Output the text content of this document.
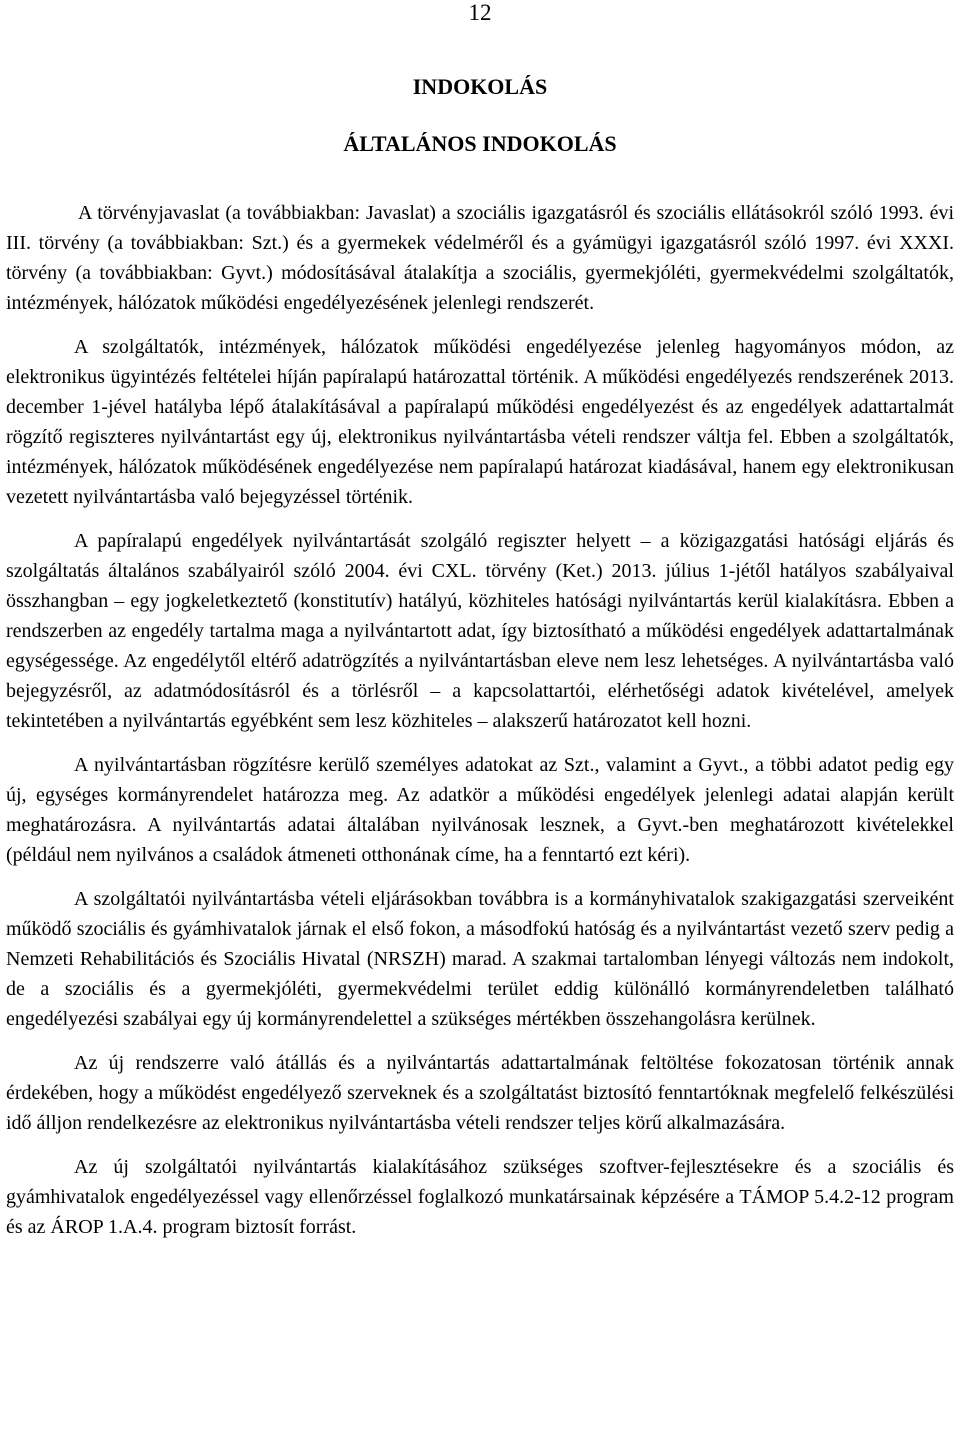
12
INDOKOLÁS
ÁLTALÁNOS INDOKOLÁS

A törvényjavaslat (a továbbiakban: Javaslat) a szociális igazgatásról és szociális ellátásokról szóló 1993. évi III. törvény (a továbbiakban: Szt.) és a gyermekek védelméről és a gyámügyi igazgatásról szóló 1997. évi XXXI. törvény (a továbbiakban: Gyvt.) módosításával átalakítja a szociális, gyermekjóléti, gyermekvédelmi szolgáltatók, intézmények, hálózatok működési engedélyezésének jelenlegi rendszerét.

A szolgáltatók, intézmények, hálózatok működési engedélyezése jelenleg hagyományos módon, az elektronikus ügyintézés feltételei híján papíralapú határozattal történik. A működési engedélyezés rendszerének 2013. december 1-jével hatályba lépő átalakításával a papíralapú működési engedélyezést és az engedélyek adattartalmát rögzítő regiszteres nyilvántartást egy új, elektronikus nyilvántartásba vételi rendszer váltja fel. Ebben a szolgáltatók, intézmények, hálózatok működésének engedélyezése nem papíralapú határozat kiadásával, hanem egy elektronikusan vezetett nyilvántartásba való bejegyzéssel történik.

A papíralapú engedélyek nyilvántartását szolgáló regiszter helyett – a közigazgatási hatósági eljárás és szolgáltatás általános szabályairól szóló 2004. évi CXL. törvény (Ket.) 2013. július 1-jétől hatályos szabályaival összhangban – egy jogkeletkeztető (konstitutív) hatályú, közhiteles hatósági nyilvántartás kerül kialakításra. Ebben a rendszerben az engedély tartalma maga a nyilvántartott adat, így biztosítható a működési engedélyek adattartalmának egységessége. Az engedélytől eltérő adatrögzítés a nyilvántartásban eleve nem lesz lehetséges. A nyilvántartásba való bejegyzésről, az adatmódosításról és a törlésről – a kapcsolattartói, elérhetőségi adatok kivételével, amelyek tekintetében a nyilvántartás egyébként sem lesz közhiteles – alakszerű határozatot kell hozni.

A nyilvántartásban rögzítésre kerülő személyes adatokat az Szt., valamint a Gyvt., a többi adatot pedig egy új, egységes kormányrendelet határozza meg. Az adatkör a működési engedélyek jelenlegi adatai alapján került meghatározásra. A nyilvántartás adatai általában nyilvánosak lesznek, a Gyvt.-ben meghatározott kivételekkel (például nem nyilvános a családok átmeneti otthonának címe, ha a fenntartó ezt kéri).

A szolgáltatói nyilvántartásba vételi eljárásokban továbbra is a kormányhivatalok szakigazgatási szerveiként működő szociális és gyámhivatalok járnak el első fokon, a másodfokú hatóság és a nyilvántartást vezető szerv pedig a Nemzeti Rehabilitációs és Szociális Hivatal (NRSZH) marad. A szakmai tartalomban lényegi változás nem indokolt, de a szociális és a gyermekjóléti, gyermekvédelmi terület eddig különálló kormányrendeletben található engedélyezési szabályai egy új kormányrendelettel a szükséges mértékben összehangolásra kerülnek.

Az új rendszerre való átállás és a nyilvántartás adattartalmának feltöltése fokozatosan történik annak érdekében, hogy a működést engedélyező szerveknek és a szolgáltatást biztosító fenntartóknak megfelelő felkészülési idő álljon rendelkezésre az elektronikus nyilvántartásba vételi rendszer teljes körű alkalmazására.

Az új szolgáltatói nyilvántartás kialakításához szükséges szoftver-fejlesztésekre és a szociális és gyámhivatalok engedélyezéssel vagy ellenőrzéssel foglalkozó munkatársainak képzésére a TÁMOP 5.4.2-12 program és az ÁROP 1.A.4. program biztosít forrást.
